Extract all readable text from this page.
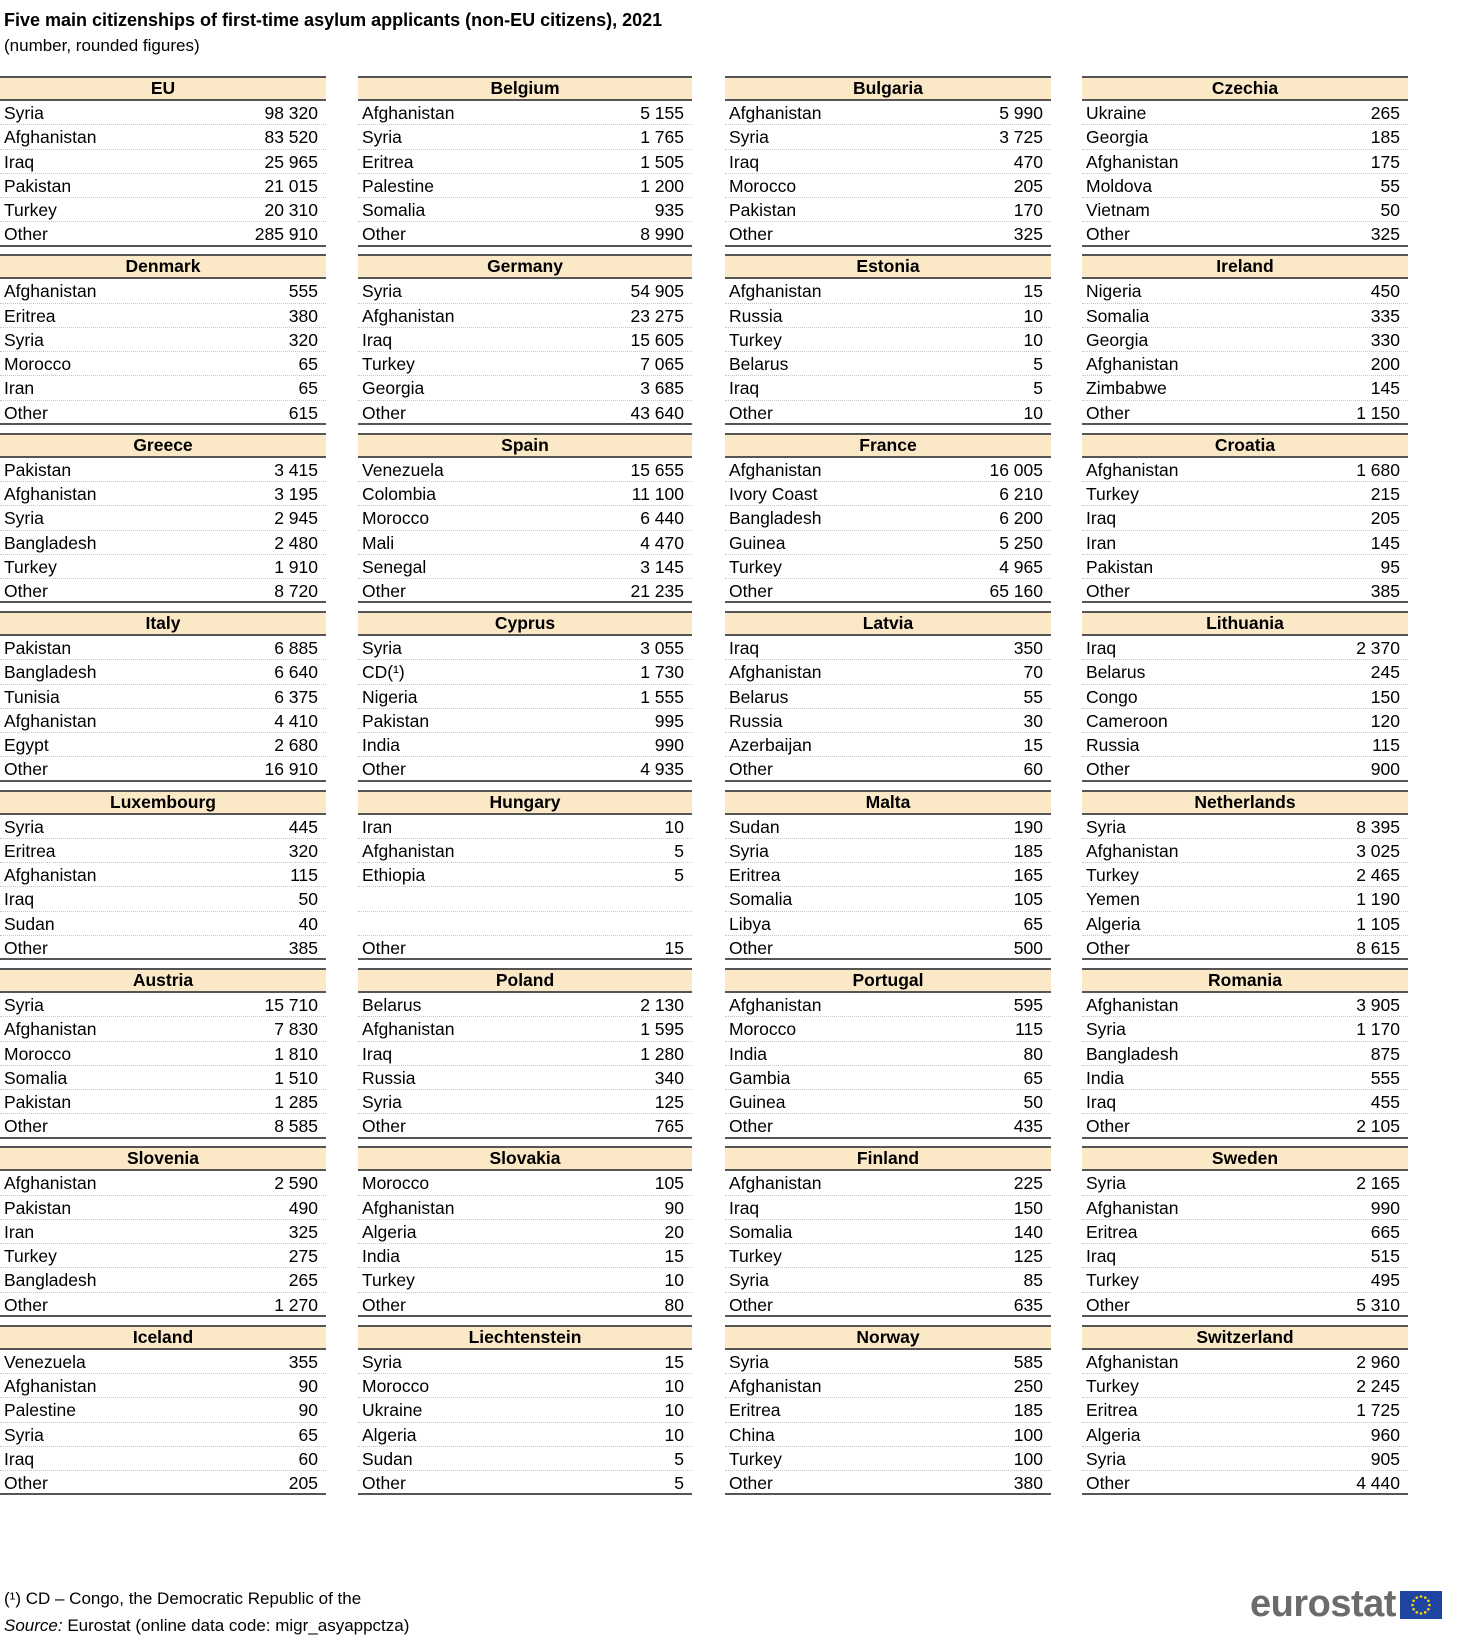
Five main citizenships of first-time asylum applicants (non-EU citizens), 2021
(number, rounded figures)
EU
Syria	98 320
Afghanistan	83 520
Iraq	25 965
Pakistan	21 015
Turkey	20 310
Other	285 910
Belgium
Afghanistan	5 155
Syria	1 765
Eritrea	1 505
Palestine	1 200
Somalia	935
Other	8 990
Bulgaria
Afghanistan	5 990
Syria	3 725
Iraq	470
Morocco	205
Pakistan	170
Other	325
Czechia
Ukraine	265
Georgia	185
Afghanistan	175
Moldova	55
Vietnam	50
Other	325
Denmark
Afghanistan	555
Eritrea	380
Syria	320
Morocco	65
Iran	65
Other	615
Germany
Syria	54 905
Afghanistan	23 275
Iraq	15 605
Turkey	7 065
Georgia	3 685
Other	43 640
Estonia
Afghanistan	15
Russia	10
Turkey	10
Belarus	5
Iraq	5
Other	10
Ireland
Nigeria	450
Somalia	335
Georgia	330
Afghanistan	200
Zimbabwe	145
Other	1 150
Greece
Pakistan	3 415
Afghanistan	3 195
Syria	2 945
Bangladesh	2 480
Turkey	1 910
Other	8 720
Spain
Venezuela	15 655
Colombia	11 100
Morocco	6 440
Mali	4 470
Senegal	3 145
Other	21 235
France
Afghanistan	16 005
Ivory Coast	6 210
Bangladesh	6 200
Guinea	5 250
Turkey	4 965
Other	65 160
Croatia
Afghanistan	1 680
Turkey	215
Iraq	205
Iran	145
Pakistan	95
Other	385
Italy
Pakistan	6 885
Bangladesh	6 640
Tunisia	6 375
Afghanistan	4 410
Egypt	2 680
Other	16 910
Cyprus
Syria	3 055
CD(¹)	1 730
Nigeria	1 555
Pakistan	995
India	990
Other	4 935
Latvia
Iraq	350
Afghanistan	70
Belarus	55
Russia	30
Azerbaijan	15
Other	60
Lithuania
Iraq	2 370
Belarus	245
Congo	150
Cameroon	120
Russia	115
Other	900
Luxembourg
Syria	445
Eritrea	320
Afghanistan	115
Iraq	50
Sudan	40
Other	385
Hungary
Iran	10
Afghanistan	5
Ethiopia	5
Other	15
Malta
Sudan	190
Syria	185
Eritrea	165
Somalia	105
Libya	65
Other	500
Netherlands
Syria	8 395
Afghanistan	3 025
Turkey	2 465
Yemen	1 190
Algeria	1 105
Other	8 615
Austria
Syria	15 710
Afghanistan	7 830
Morocco	1 810
Somalia	1 510
Pakistan	1 285
Other	8 585
Poland
Belarus	2 130
Afghanistan	1 595
Iraq	1 280
Russia	340
Syria	125
Other	765
Portugal
Afghanistan	595
Morocco	115
India	80
Gambia	65
Guinea	50
Other	435
Romania
Afghanistan	3 905
Syria	1 170
Bangladesh	875
India	555
Iraq	455
Other	2 105
Slovenia
Afghanistan	2 590
Pakistan	490
Iran	325
Turkey	275
Bangladesh	265
Other	1 270
Slovakia
Morocco	105
Afghanistan	90
Algeria	20
India	15
Turkey	10
Other	80
Finland
Afghanistan	225
Iraq	150
Somalia	140
Turkey	125
Syria	85
Other	635
Sweden
Syria	2 165
Afghanistan	990
Eritrea	665
Iraq	515
Turkey	495
Other	5 310
Iceland
Venezuela	355
Afghanistan	90
Palestine	90
Syria	65
Iraq	60
Other	205
Liechtenstein
Syria	15
Morocco	10
Ukraine	10
Algeria	10
Sudan	5
Other	5
Norway
Syria	585
Afghanistan	250
Eritrea	185
China	100
Turkey	100
Other	380
Switzerland
Afghanistan	2 960
Turkey	2 245
Eritrea	1 725
Algeria	960
Syria	905
Other	4 440
(¹) CD – Congo, the Democratic Republic of the
Source: Eurostat (online data code: migr_asyappctza)
eurostat
